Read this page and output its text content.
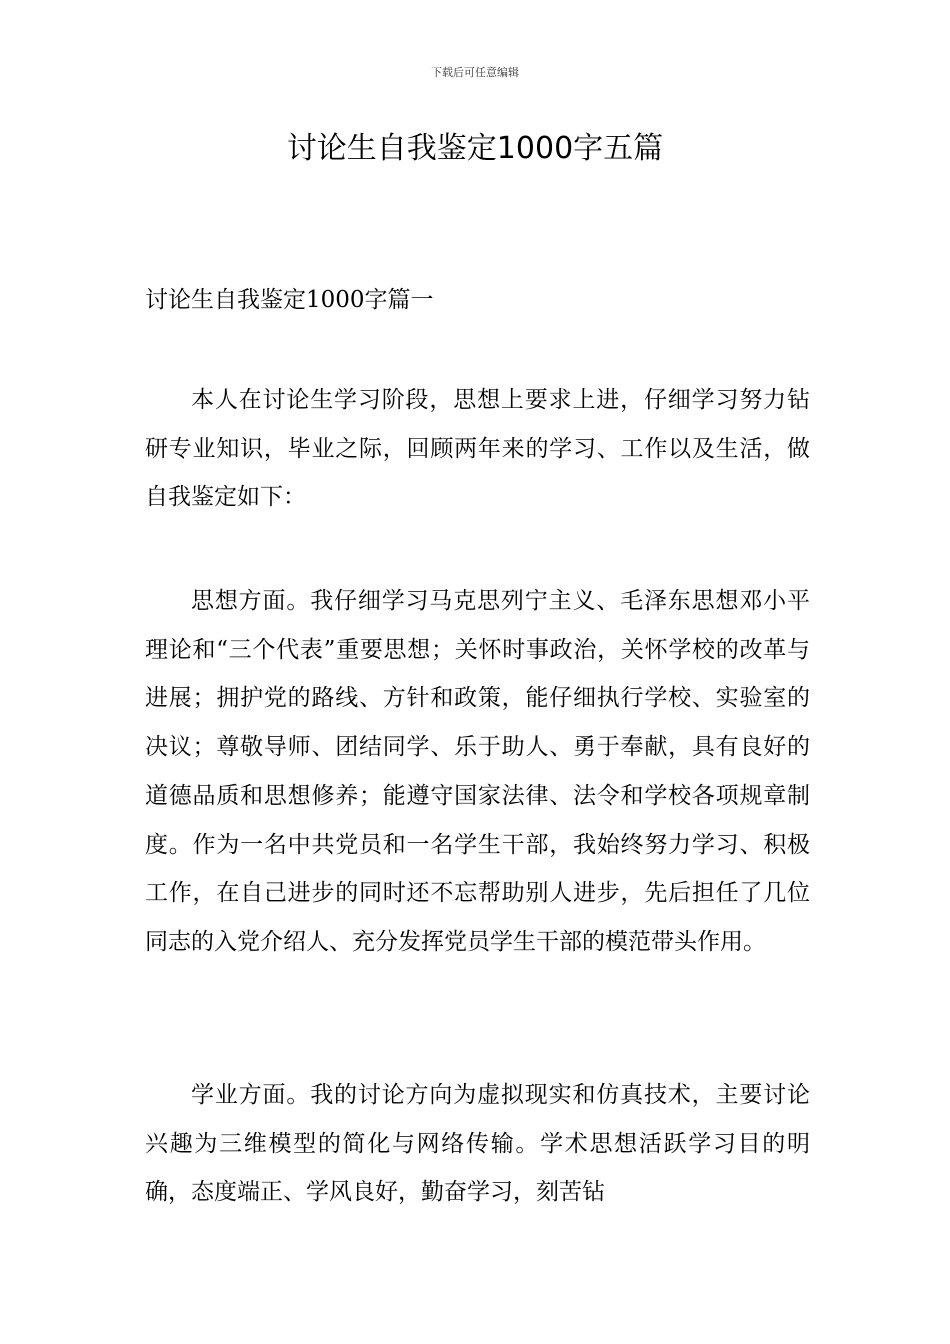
下载后可任意编辑
讨论生自我鉴定1000字五篇
讨论生自我鉴定1000字篇一

本人在讨论生学习阶段，思想上要求上进，仔细学习努力钻研专业知识，毕业之际，回顾两年来的学习、工作以及生活，做自我鉴定如下：

思想方面。我仔细学习马克思列宁主义、毛泽东思想邓小平理论和“三个代表”重要思想；关怀时事政治，关怀学校的改革与进展；拥护党的路线、方针和政策，能仔细执行学校、实验室的决议；尊敬导师、团结同学、乐于助人、勇于奉献，具有良好的道德品质和思想修养；能遵守国家法律、法令和学校各项规章制度。作为一名中共党员和一名学生干部，我始终努力学习、积极工作，在自己进步的同时还不忘帮助别人进步，先后担任了几位同志的入党介绍人、充分发挥党员学生干部的模范带头作用。

学业方面。我的讨论方向为虚拟现实和仿真技术，主要讨论兴趣为三维模型的简化与网络传输。学术思想活跃学习目的明确，态度端正、学风良好，勤奋学习，刻苦钻
